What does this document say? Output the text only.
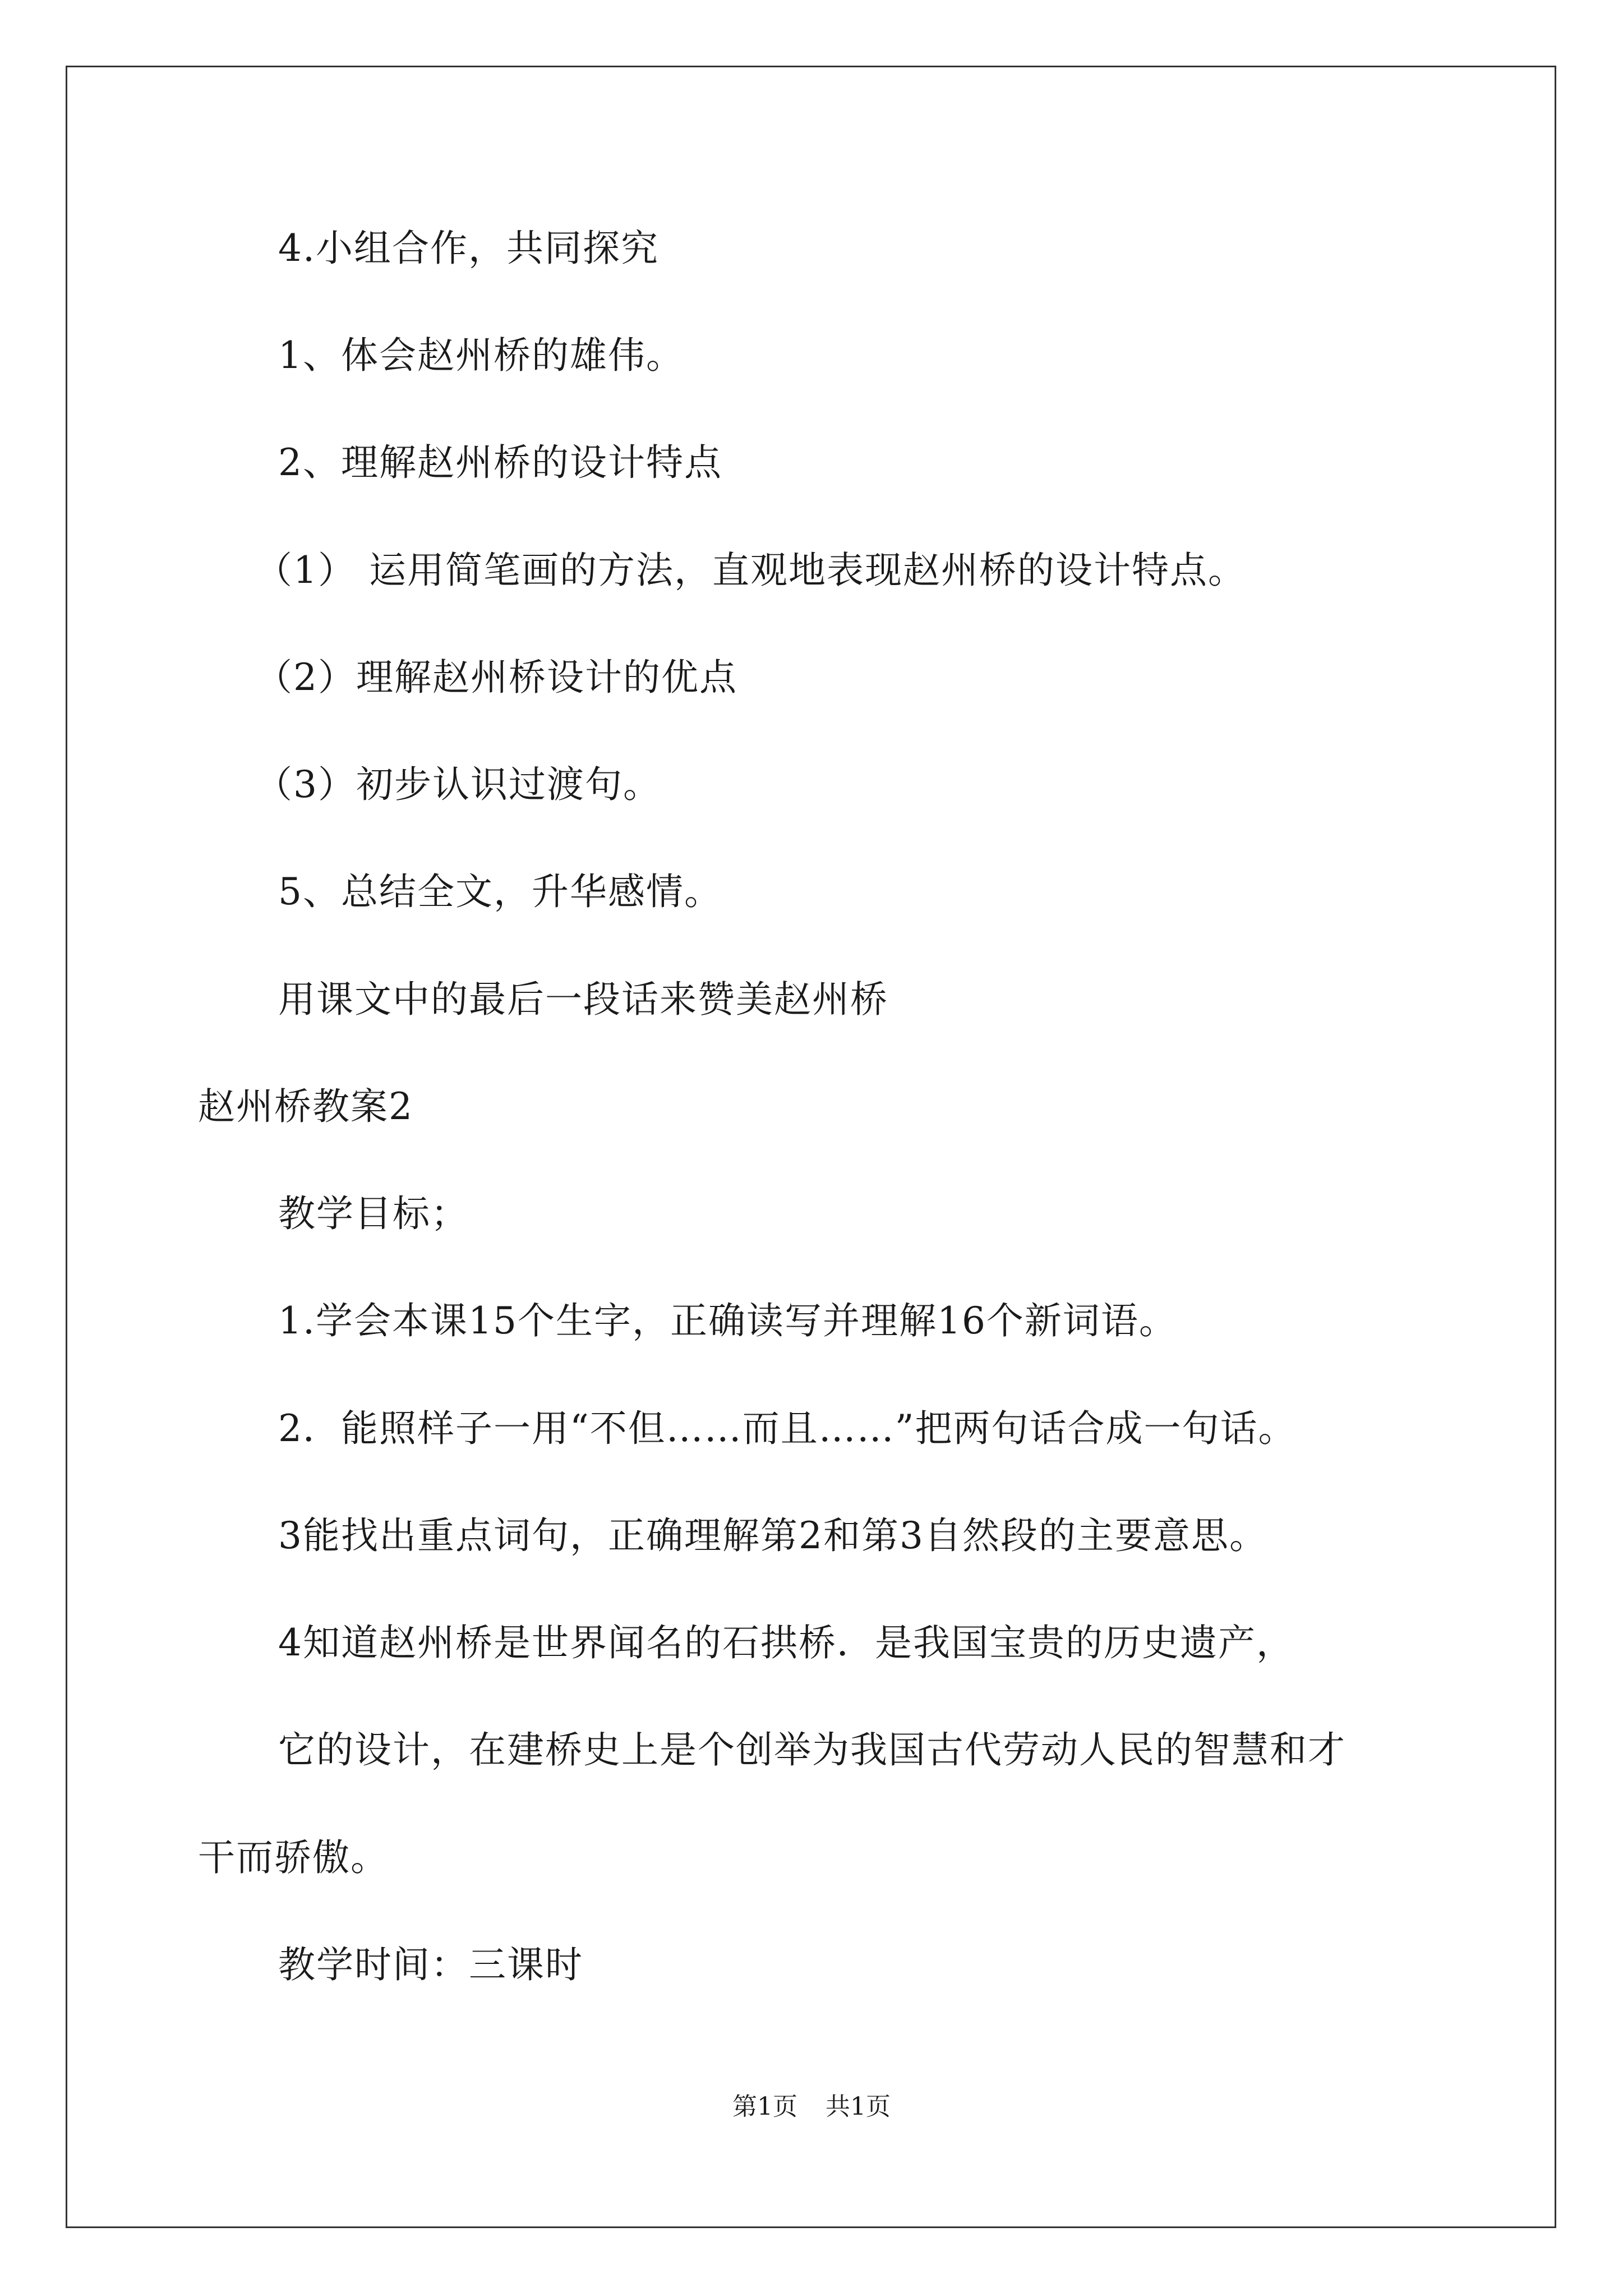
4.小组合作，共同探究
1、体会赵州桥的雄伟。
2、理解赵州桥的设计特点
（1） 运用简笔画的方法，直观地表现赵州桥的设计特点。
（2）理解赵州桥设计的优点
（3）初步认识过渡句。
5、总结全文，升华感情。
用课文中的最后一段话来赞美赵州桥
赵州桥教案2
教学目标；
1.学会本课15个生字，正确读写并理解16个新词语。
2．能照样子一用“不但……而且……”把两句话合成一句话。
3能找出重点词句，正确理解第2和第3自然段的主要意思。
4知道赵州桥是世界闻名的石拱桥．是我国宝贵的历史遗产，
它的设计，在建桥史上是个创举为我国古代劳动人民的智慧和才
干而骄傲。
教学时间：三课时
第1页 共1页
